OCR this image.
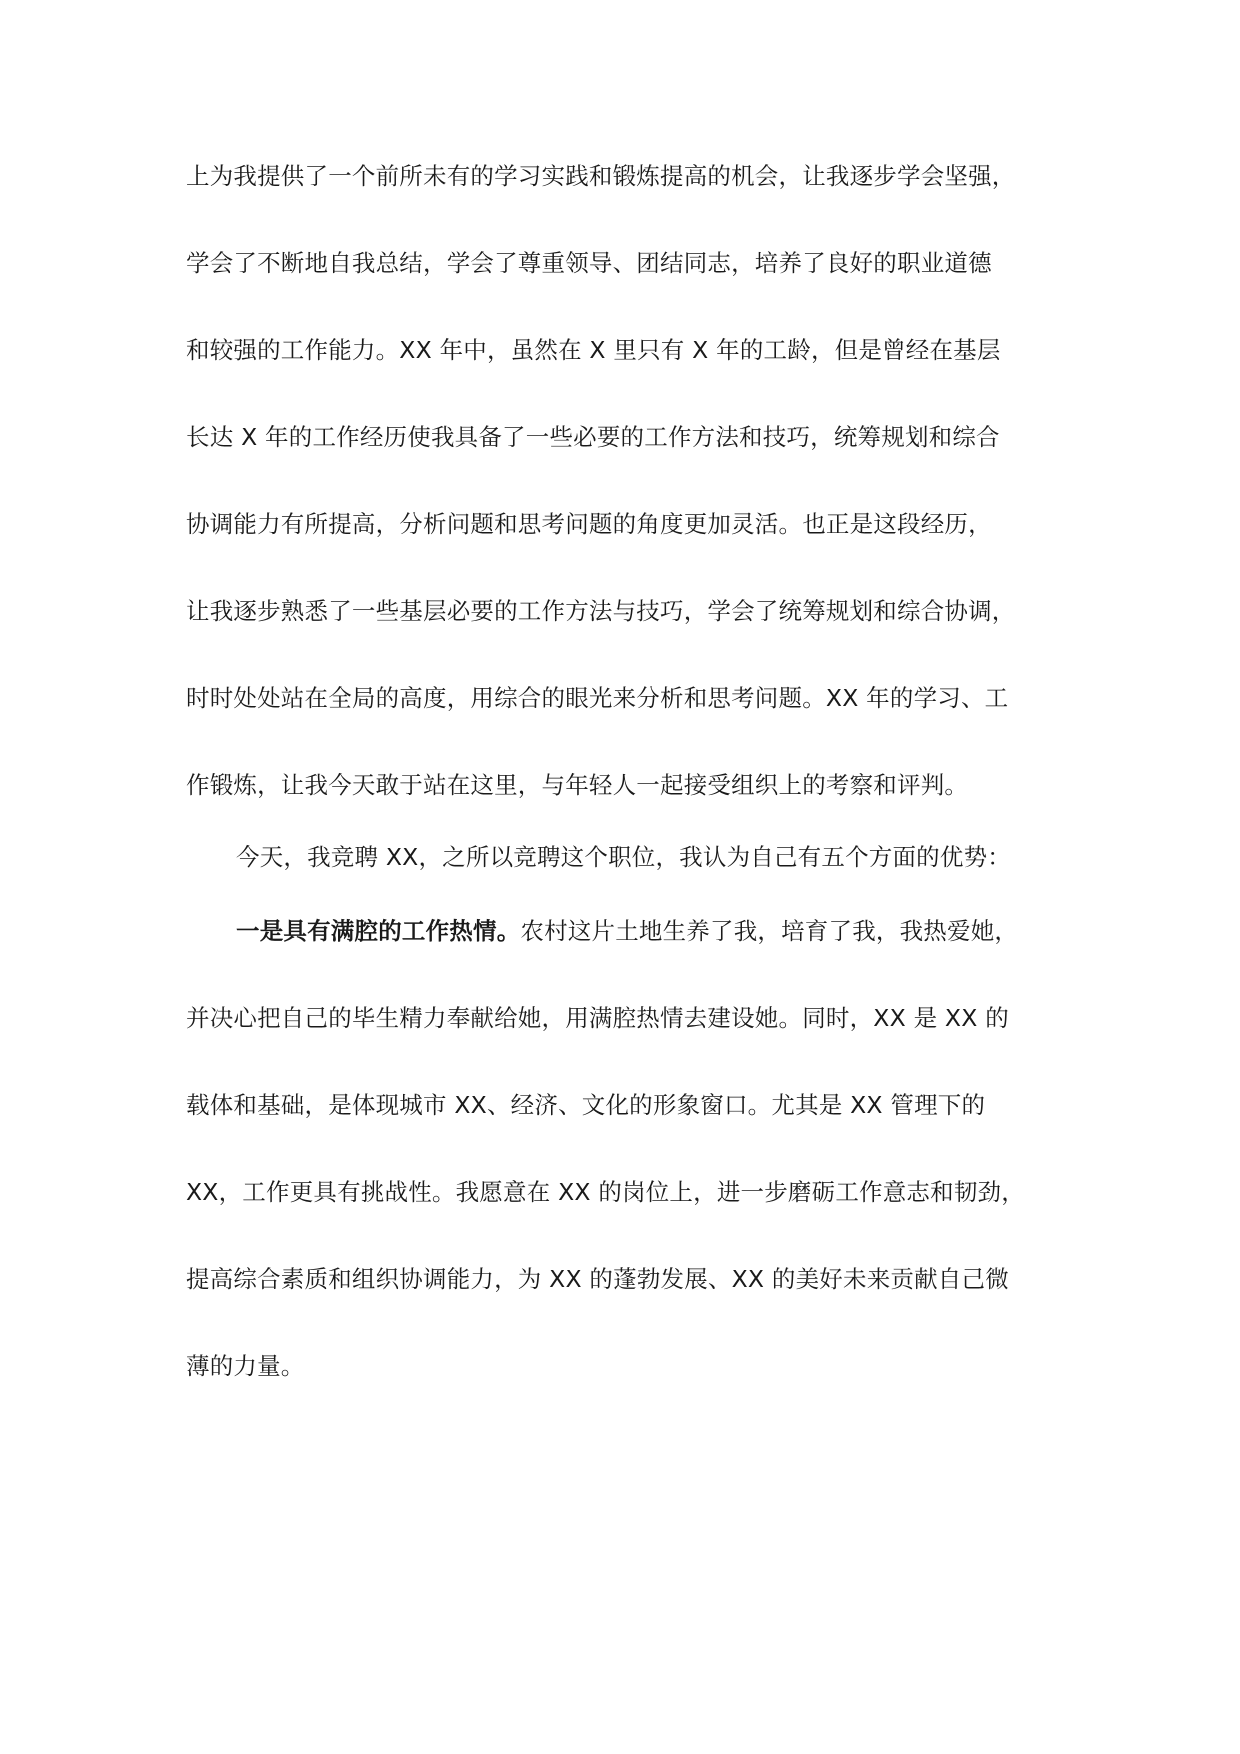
上为我提供了一个前所未有的学习实践和锻炼提高的机会，让我逐步学会坚强，
学会了不断地自我总结，学会了尊重领导、团结同志，培养了良好的职业道德
和较强的工作能力。XX 年中，虽然在 X 里只有 X 年的工龄，但是曾经在基层
长达 X 年的工作经历使我具备了一些必要的工作方法和技巧，统筹规划和综合
协调能力有所提高，分析问题和思考问题的角度更加灵活。也正是这段经历，
让我逐步熟悉了一些基层必要的工作方法与技巧，学会了统筹规划和综合协调，
时时处处站在全局的高度，用综合的眼光来分析和思考问题。XX 年的学习、工
作锻炼，让我今天敢于站在这里，与年轻人一起接受组织上的考察和评判。
今天，我竞聘 XX，之所以竞聘这个职位，我认为自己有五个方面的优势：
一是具有满腔的工作热情。农村这片土地生养了我，培育了我，我热爱她，
并决心把自己的毕生精力奉献给她，用满腔热情去建设她。同时，XX 是 XX 的
载体和基础，是体现城市 XX、经济、文化的形象窗口。尤其是 XX 管理下的
XX，工作更具有挑战性。我愿意在 XX 的岗位上，进一步磨砺工作意志和韧劲，
提高综合素质和组织协调能力，为 XX 的蓬勃发展、XX 的美好未来贡献自己微
薄的力量。
